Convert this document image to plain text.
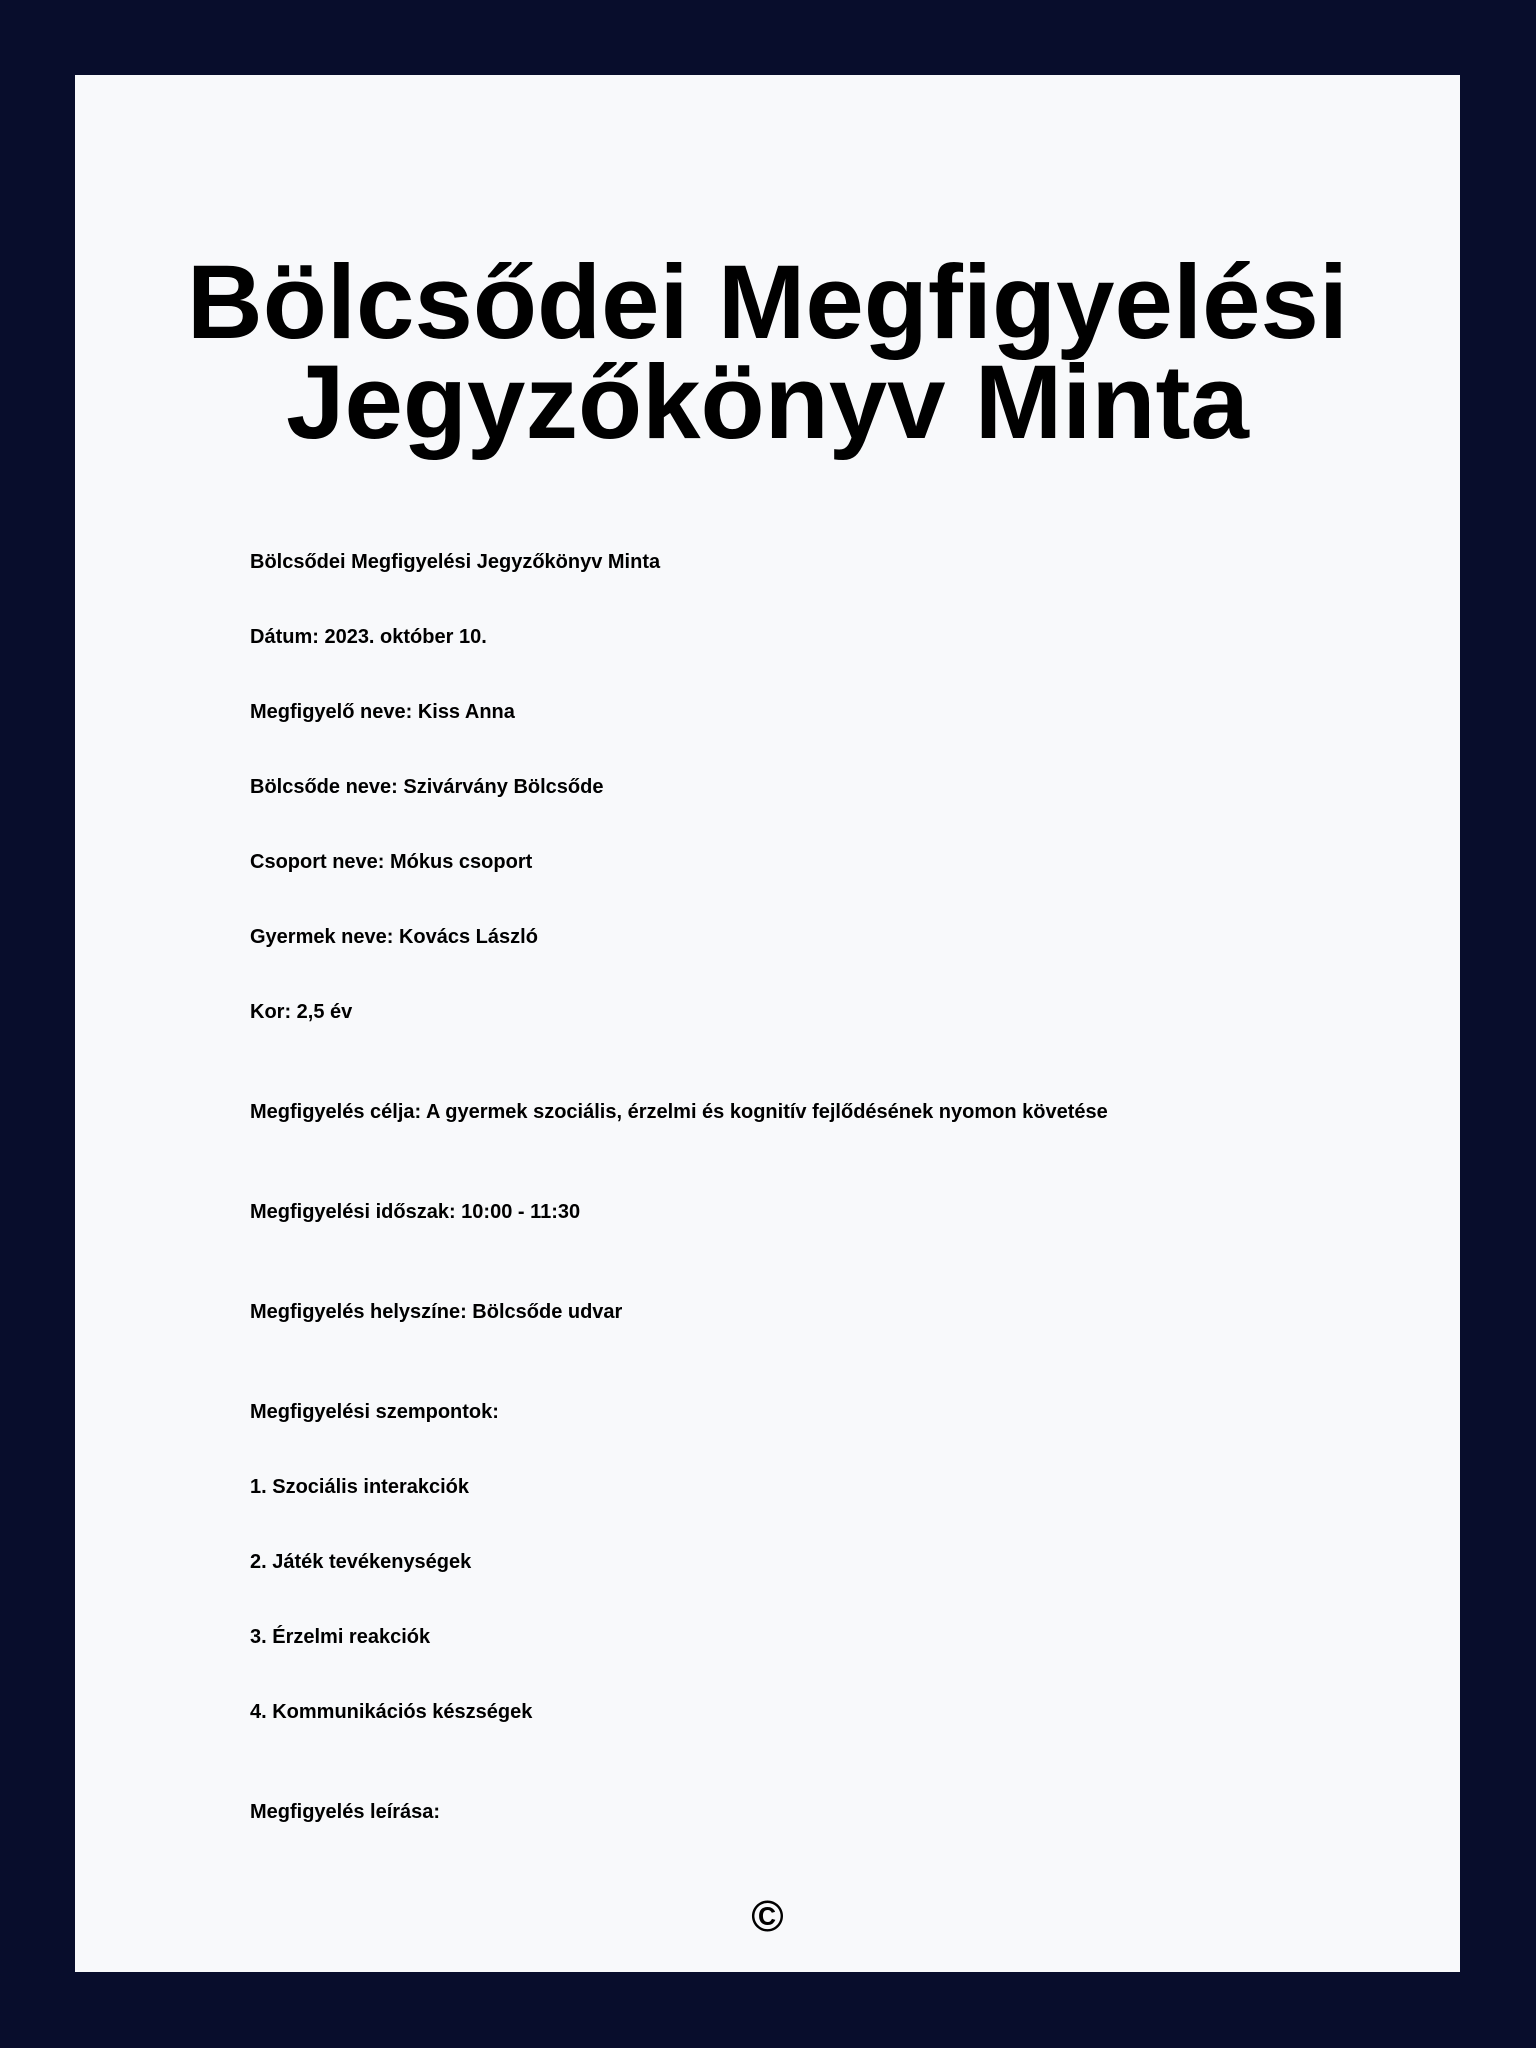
Bölcsődei Megfigyelési Jegyzőkönyv Minta
Bölcsődei Megfigyelési Jegyzőkönyv Minta
Dátum: 2023. október 10.
Megfigyelő neve: Kiss Anna
Bölcsőde neve: Szivárvány Bölcsőde
Csoport neve: Mókus csoport
Gyermek neve: Kovács László
Kor: 2,5 év
Megfigyelés célja: A gyermek szociális, érzelmi és kognitív fejlődésének nyomon követése
Megfigyelési időszak: 10:00 - 11:30
Megfigyelés helyszíne: Bölcsőde udvar
Megfigyelési szempontok:
1. Szociális interakciók
2. Játék tevékenységek
3. Érzelmi reakciók
4. Kommunikációs készségek
Megfigyelés leírása:
©
